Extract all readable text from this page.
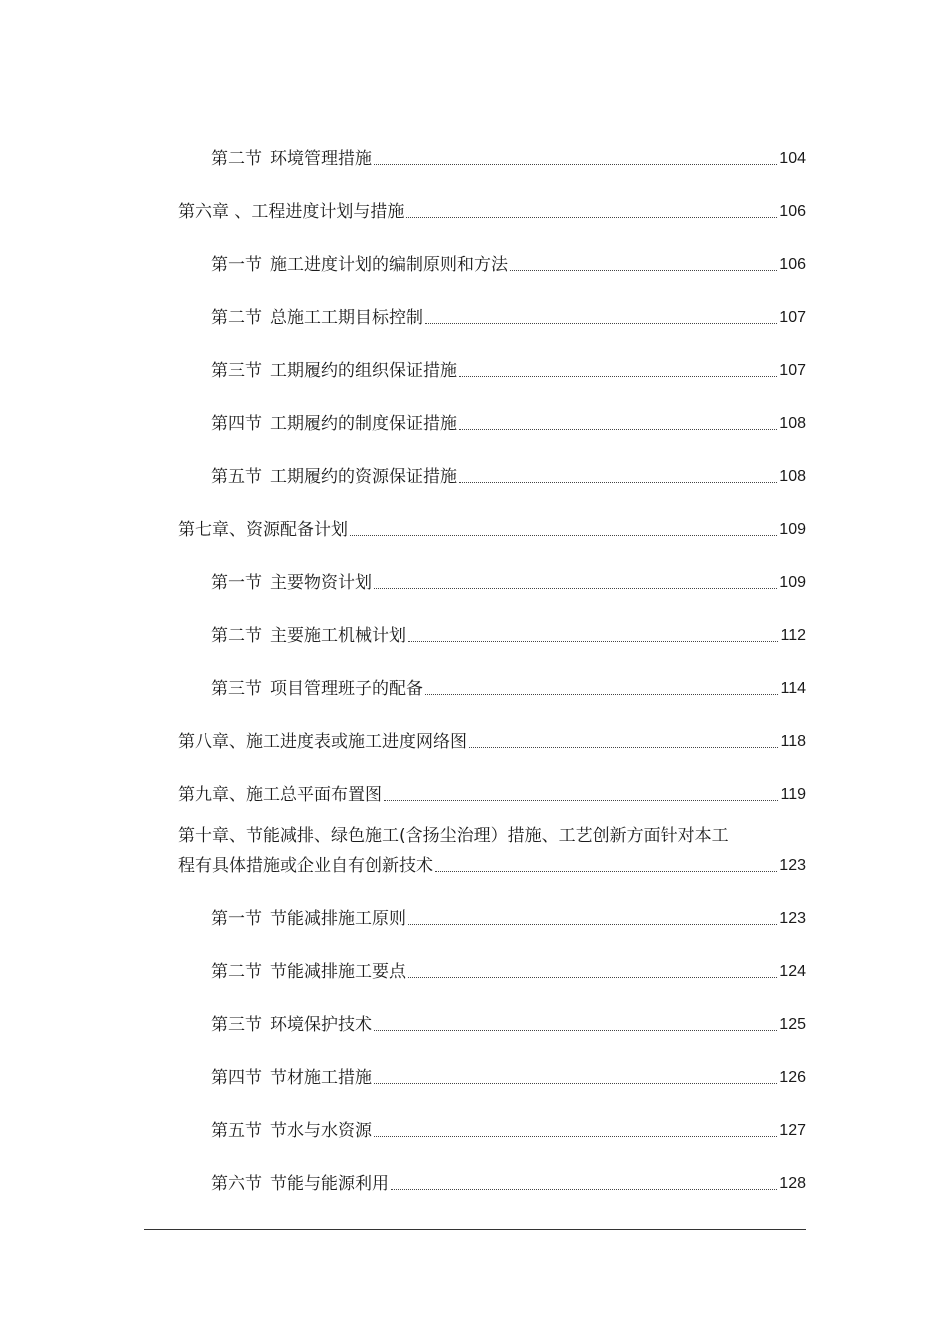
第二节 环境管理措施	104
第六章 、工程进度计划与措施	106
第一节 施工进度计划的编制原则和方法	106
第二节 总施工工期目标控制	107
第三节 工期履约的组织保证措施	107
第四节 工期履约的制度保证措施	108
第五节 工期履约的资源保证措施	108
第七章、资源配备计划	109
第一节 主要物资计划	109
第二节 主要施工机械计划	112
第三节 项目管理班子的配备	114
第八章、施工进度表或施工进度网络图	118
第九章、施工总平面布置图	119
第十章、节能减排、绿色施工(含扬尘治理）措施、工艺创新方面针对本工
程有具体措施或企业自有创新技术	123
第一节 节能减排施工原则	123
第二节 节能减排施工要点	124
第三节 环境保护技术	125
第四节 节材施工措施	126
第五节 节水与水资源	127
第六节 节能与能源利用	128
